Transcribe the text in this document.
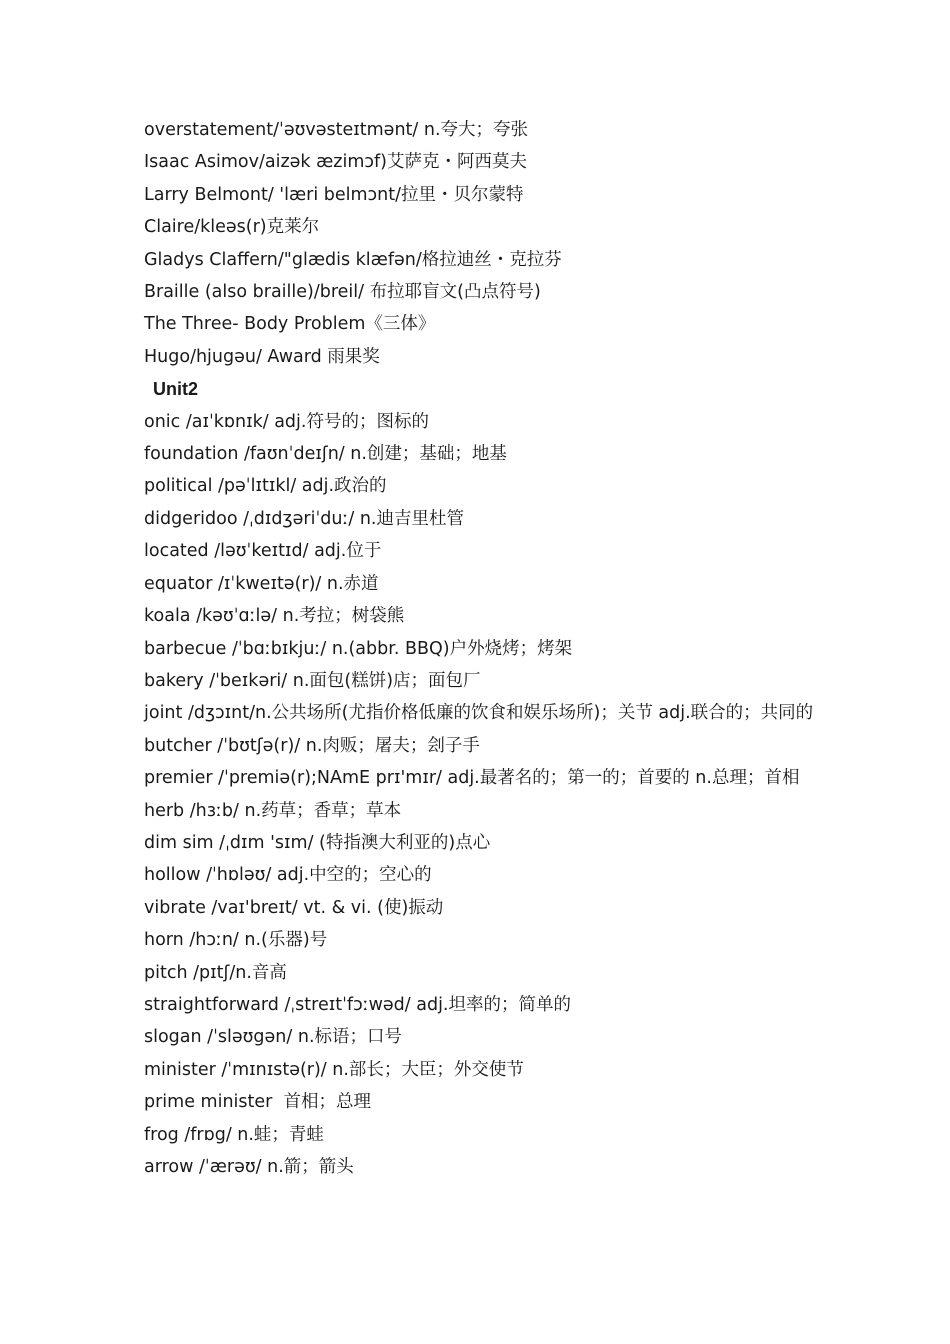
overstatement/ˈəʊvəsteɪtmənt/ n.夸大；夸张
Isaac Asimov/aizək æzimɔf)艾萨克・阿西莫夫
Larry Belmont/ 'læri belmɔnt/拉里・贝尔蒙特
Claire/kleəs(r)克莱尔
Gladys Claffern/"glædis klæfən/格拉迪丝・克拉芬
Braille (also braille)/breil/ 布拉耶盲文(凸点符号)
The Three- Body Problem《三体》
Hugo/hjugəu/ Award 雨果奖
Unit2
onic /aɪˈkɒnɪk/ adj.符号的；图标的
foundation /faʊnˈdeɪʃn/ n.创建；基础；地基
political /pəˈlɪtɪkl/ adj.政治的
didgeridoo /ˌdɪdʒəriˈduː/ n.迪吉里杜管
located /ləʊˈkeɪtɪd/ adj.位于
equator /ɪˈkweɪtə(r)/ n.赤道
koala /kəʊˈɑːlə/ n.考拉；树袋熊
barbecue /ˈbɑːbɪkjuː/ n.(abbr. BBQ)户外烧烤；烤架
bakery /ˈbeɪkəri/ n.面包(糕饼)店；面包厂
joint /dʒɔɪnt/n.公共场所(尤指价格低廉的饮食和娱乐场所)；关节 adj.联合的；共同的
butcher /ˈbʊtʃə(r)/ n.肉贩；屠夫；刽子手
premier /ˈpremiə(r);NAmE prɪ'mɪr/ adj.最著名的；第一的；首要的 n.总理；首相
herb /hɜːb/ n.药草；香草；草本
dim sim /ˌdɪm 'sɪm/ (特指澳大利亚的)点心
hollow /ˈhɒləʊ/ adj.中空的；空心的
vibrate /vaɪ'breɪt/ vt. & vi. (使)振动
horn /hɔːn/ n.(乐器)号
pitch /pɪtʃ/n.音高
straightforward /ˌstreɪtˈfɔːwəd/ adj.坦率的；简单的
slogan /ˈsləʊgən/ n.标语；口号
minister /ˈmɪnɪstə(r)/ n.部长；大臣；外交使节
prime minister  首相；总理
frog /frɒg/ n.蛙；青蛙
arrow /ˈærəʊ/ n.箭；箭头
